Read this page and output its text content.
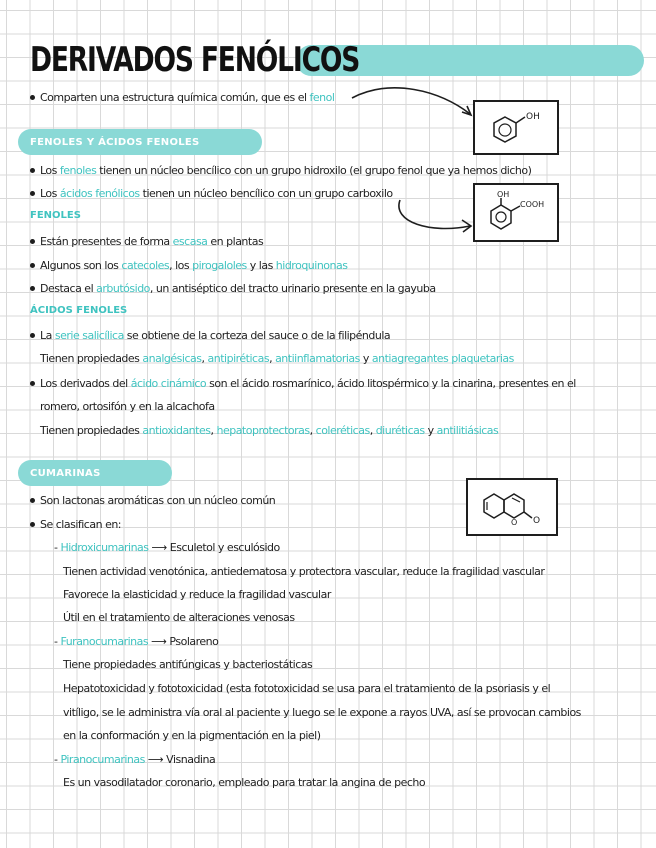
DERIVADOS FENÓLICOS
Comparten una estructura química común, que es el fenol
OH
OH
COOH
FENOLES Y ÁCIDOS FENOLES
Los fenoles tienen un núcleo bencílico con un grupo hidroxilo (el grupo fenol que ya hemos dicho)
Los ácidos fenólicos tienen un núcleo bencílico con un grupo carboxilo
FENOLES
Están presentes de forma escasa en plantas
Algunos son los catecoles, los pirogaloles y las hidroquinonas
Destaca el arbutósido, un antiséptico del tracto urinario presente en la gayuba
ÁCIDOS FENOLES
La serie salicílica se obtiene de la corteza del sauce o de la filipéndula
Tienen propiedades analgésicas, antipiréticas, antiinflamatorias y antiagregantes plaquetarias
Los derivados del ácido cinámico son el ácido rosmarínico, ácido litospérmico y la cinarina, presentes en el
romero, ortosifón y en la alcachofa
Tienen propiedades antioxidantes, hepatoprotectoras, coleréticas, diuréticas y antilitiásicas
CUMARINAS
O O
Son lactonas aromáticas con un núcleo común
Se clasifican en:
- Hidroxicumarinas ⟶ Esculetol y esculósido
Tienen actividad venotónica, antiedematosa y protectora vascular, reduce la fragilidad vascular
Favorece la elasticidad y reduce la fragilidad vascular
Útil en el tratamiento de alteraciones venosas
- Furanocumarinas ⟶ Psolareno
Tiene propiedades antifúngicas y bacteriostáticas
Hepatotoxicidad y fototoxicidad (esta fototoxicidad se usa para el tratamiento de la psoriasis y el
vitíligo, se le administra vía oral al paciente y luego se le expone a rayos UVA, así se provocan cambios
en la conformación y en la pigmentación en la piel)
- Piranocumarinas ⟶ Visnadina
Es un vasodilatador coronario, empleado para tratar la angina de pecho
